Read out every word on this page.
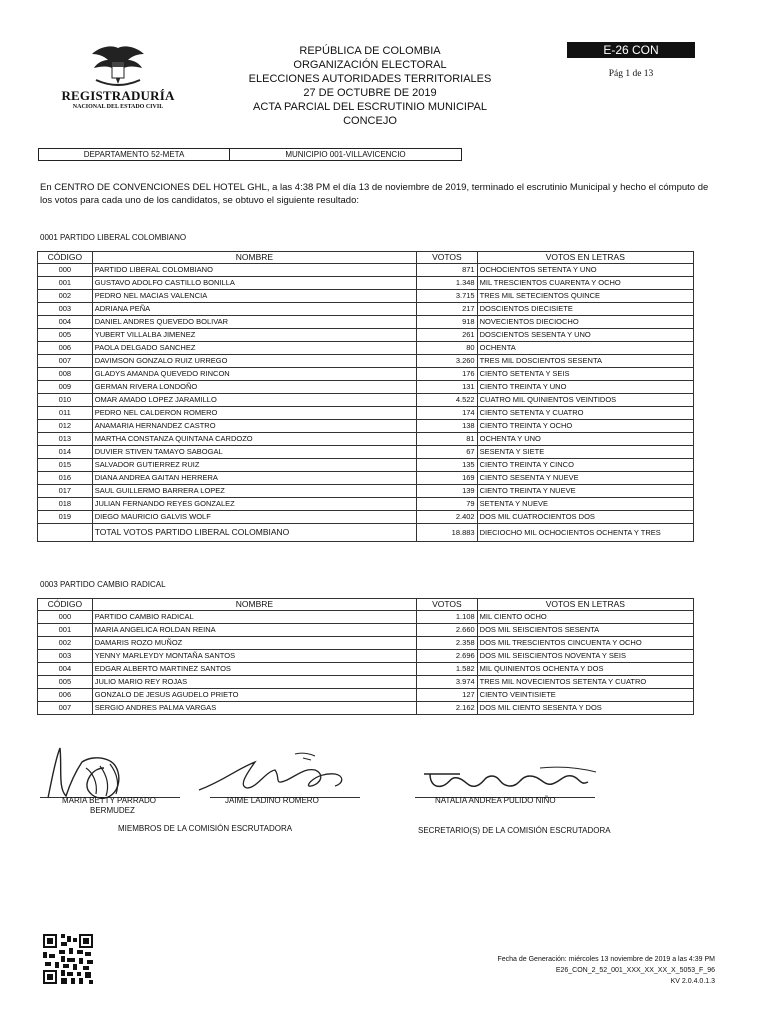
REGISTRADURÍA
NACIONAL DEL ESTADO CIVIL
REPÚBLICA DE COLOMBIA
ORGANIZACIÓN ELECTORAL
ELECCIONES AUTORIDADES TERRITORIALES
27 DE OCTUBRE DE 2019
ACTA PARCIAL DEL ESCRUTINIO MUNICIPAL
CONCEJO
E-26 CON
Pág 1 de 13
DEPARTAMENTO 52-META	MUNICIPIO 001-VILLAVICENCIO
En CENTRO DE CONVENCIONES DEL HOTEL GHL, a las 4:38 PM el día 13 de noviembre de 2019, terminado el escrutinio Municipal y hecho el cómputo de los votos para cada uno de los candidatos, se obtuvo el siguiente resultado:
0001 PARTIDO LIBERAL COLOMBIANO
CÓDIGO	NOMBRE	VOTOS	VOTOS EN LETRAS
000	PARTIDO LIBERAL COLOMBIANO	871	OCHOCIENTOS SETENTA Y UNO
001	GUSTAVO ADOLFO CASTILLO BONILLA	1.348	MIL TRESCIENTOS CUARENTA Y OCHO
002	PEDRO NEL MACIAS VALENCIA	3.715	TRES MIL SETECIENTOS QUINCE
003	ADRIANA PEÑA	217	DOSCIENTOS DIECISIETE
004	DANIEL ANDRES QUEVEDO BOLIVAR	918	NOVECIENTOS DIECIOCHO
005	YUBERT VILLALBA JIMENEZ	261	DOSCIENTOS SESENTA Y UNO
006	PAOLA DELGADO SANCHEZ	80	OCHENTA
007	DAVIMSON GONZALO RUIZ URREGO	3.260	TRES MIL DOSCIENTOS SESENTA
008	GLADYS AMANDA QUEVEDO RINCON	176	CIENTO SETENTA Y SEIS
009	GERMAN RIVERA LONDOÑO	131	CIENTO TREINTA Y UNO
010	OMAR AMADO LOPEZ JARAMILLO	4.522	CUATRO MIL QUINIENTOS VEINTIDOS
011	PEDRO NEL CALDERON ROMERO	174	CIENTO SETENTA Y CUATRO
012	ANAMARIA HERNANDEZ CASTRO	138	CIENTO TREINTA Y OCHO
013	MARTHA CONSTANZA QUINTANA CARDOZO	81	OCHENTA Y UNO
014	DUVIER STIVEN TAMAYO SABOGAL	67	SESENTA Y SIETE
015	SALVADOR GUTIERREZ RUIZ	135	CIENTO TREINTA Y CINCO
016	DIANA ANDREA GAITAN HERRERA	169	CIENTO SESENTA Y NUEVE
017	SAUL GUILLERMO BARRERA LOPEZ	139	CIENTO TREINTA Y NUEVE
018	JULIAN FERNANDO REYES GONZALEZ	79	SETENTA Y NUEVE
019	DIEGO MAURICIO GALVIS WOLF	2.402	DOS MIL CUATROCIENTOS DOS
	TOTAL VOTOS PARTIDO LIBERAL COLOMBIANO	18.883	DIECIOCHO MIL OCHOCIENTOS OCHENTA Y TRES
0003 PARTIDO CAMBIO RADICAL
CÓDIGO	NOMBRE	VOTOS	VOTOS EN LETRAS
000	PARTIDO CAMBIO RADICAL	1.108	MIL CIENTO OCHO
001	MARIA ANGELICA ROLDAN REINA	2.660	DOS MIL SEISCIENTOS SESENTA
002	DAMARIS ROZO MUÑOZ	2.358	DOS MIL TRESCIENTOS CINCUENTA Y OCHO
003	YENNY MARLEYDY MONTAÑA SANTOS	2.696	DOS MIL SEISCIENTOS NOVENTA Y SEIS
004	EDGAR ALBERTO MARTINEZ SANTOS	1.582	MIL QUINIENTOS OCHENTA Y DOS
005	JULIO MARIO REY ROJAS	3.974	TRES MIL NOVECIENTOS SETENTA Y CUATRO
006	GONZALO DE JESUS AGUDELO PRIETO	127	CIENTO VEINTISIETE
007	SERGIO ANDRES PALMA VARGAS	2.162	DOS MIL CIENTO SESENTA Y DOS
MARIA BETTY PARRADO
BERMUDEZ
JAIME LADINO ROMERO	NATALIA ANDREA PULIDO NIÑO
MIEMBROS DE LA COMISIÓN ESCRUTADORA	SECRETARIO(S) DE LA COMISIÓN ESCRUTADORA
Fecha de Generación: miércoles 13 noviembre de 2019 a las 4:39 PM
E26_CON_2_52_001_XXX_XX_XX_X_5053_F_96
KV 2.0.4.0.1.3
